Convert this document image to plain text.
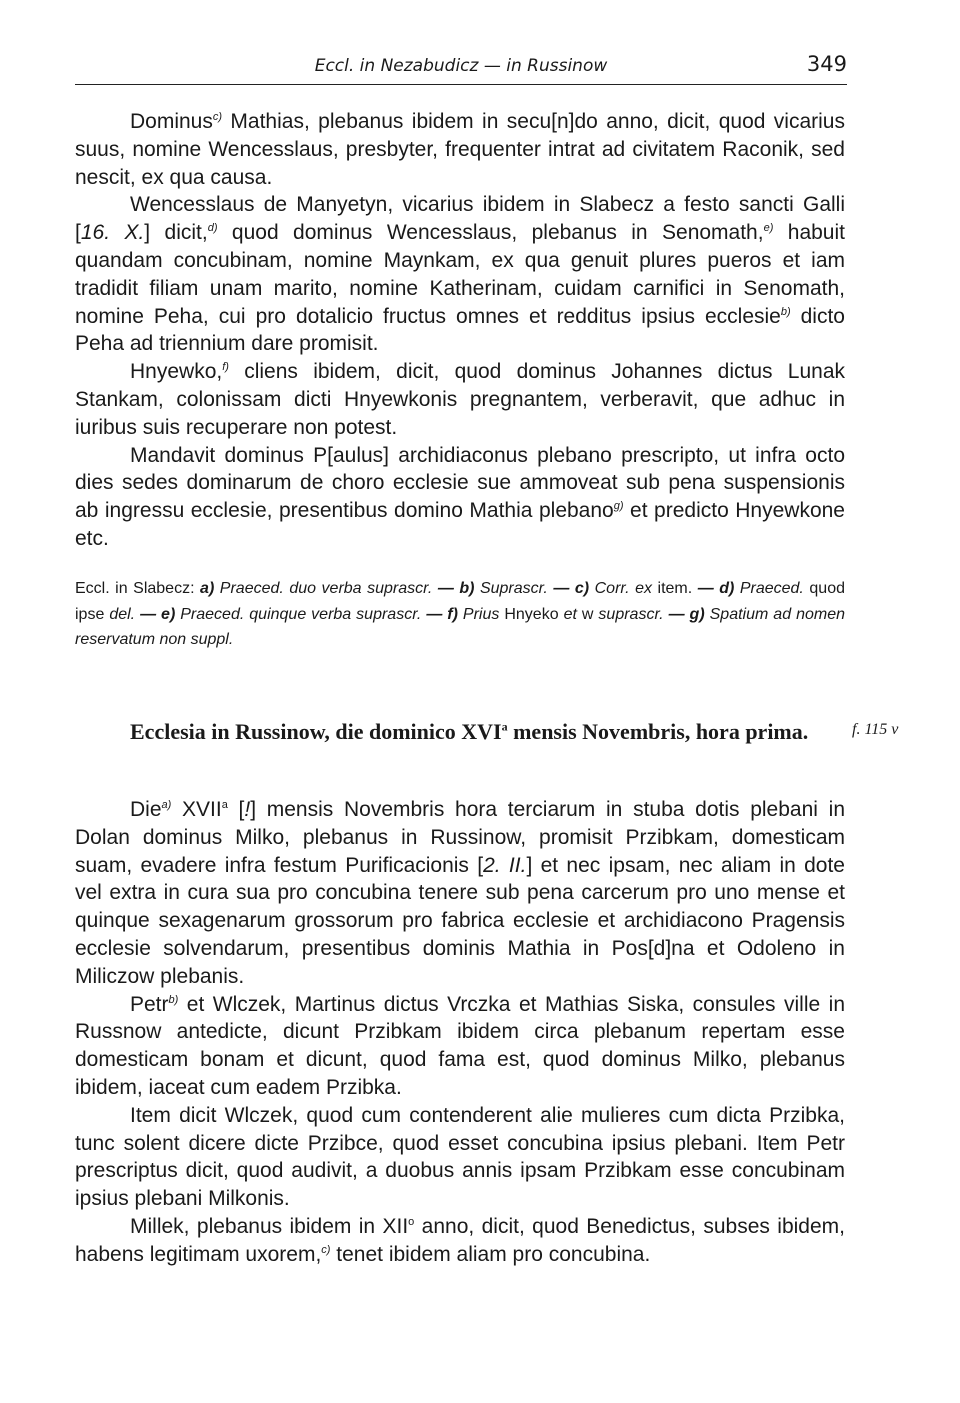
Eccl. in Nezabudicz — in Russinow	349

Dominus$^{c)}$ Mathias, plebanus ibidem in secu[n]do anno, dicit, quod vicarius suus, nomine Wencesslaus, presbyter, frequenter intrat ad civitatem Raconik, sed nescit, ex qua causa.

Wencesslaus de Manyetyn, vicarius ibidem in Slabecz a festo sancti Galli [16. X.] dicit,$^{d)}$ quod dominus Wencesslaus, plebanus in Senomath,$^{e)}$ habuit quandam concubinam, nomine Maynkam, ex qua genuit plures pueros et iam tradidit filiam unam marito, nomine Katherinam, cuidam carnifici in Senomath, nomine Peha, cui pro dotalicio fructus omnes et redditus ipsius ecclesie$^{b)}$ dicto Peha ad triennium dare promisit.

Hnyewko,$^{f)}$ cliens ibidem, dicit, quod dominus Johannes dictus Lunak Stankam, colonissam dicti Hnyewkonis pregnantem, verberavit, que adhuc in iuribus suis recuperare non potest.

Mandavit dominus P[aulus] archidiaconus plebano prescripto, ut infra octo dies sedes dominarum de choro ecclesie sue ammoveat sub pena suspensionis ab ingressu ecclesie, presentibus domino Mathia plebano$^{g)}$ et predicto Hnyewkone etc.

Eccl. in Slabecz: a) Praeced. duo verba suprascr. — b) Suprascr. — c) Corr. ex item. — d) Praeced. quod ipse del. — e) Praeced. quinque verba suprascr. — f) Prius Hnyeko et w suprascr. — g) Spatium ad nomen reservatum non suppl.

Ecclesia in Russinow, die dominico XVI$^a$ mensis Novembris, hora prima.	f. 115 v

Die$^{a)}$ XVII$^a$ [!] mensis Novembris hora terciarum in stuba dotis plebani in Dolan dominus Milko, plebanus in Russinow, promisit Przibkam, domesticam suam, evadere infra festum Purificacionis [2. II.] et nec ipsam, nec aliam in dote vel extra in cura sua pro concubina tenere sub pena carcerum pro uno mense et quinque sexagenarum grossorum pro fabrica ecclesie et archidiacono Pragensis ecclesie solvendarum, presentibus dominis Mathia in Pos[d]na et Odoleno in Miliczow plebanis.

Petr$^{b)}$ et Wlczek, Martinus dictus Vrczka et Mathias Siska, consules ville in Russnow antedicte, dicunt Przibkam ibidem circa plebanum repertam esse domesticam bonam et dicunt, quod fama est, quod dominus Milko, plebanus ibidem, iaceat cum eadem Przibka.

Item dicit Wlczek, quod cum contenderent alie mulieres cum dicta Przibka, tunc solent dicere dicte Przibce, quod esset concubina ipsius plebani. Item Petr prescriptus dicit, quod audivit, a duobus annis ipsam Przibkam esse concubinam ipsius plebani Milkonis.

Millek, plebanus ibidem in XII$^o$ anno, dicit, quod Benedictus, subses ibidem, habens legitimam uxorem,$^{c)}$ tenet ibidem aliam pro concubina.
